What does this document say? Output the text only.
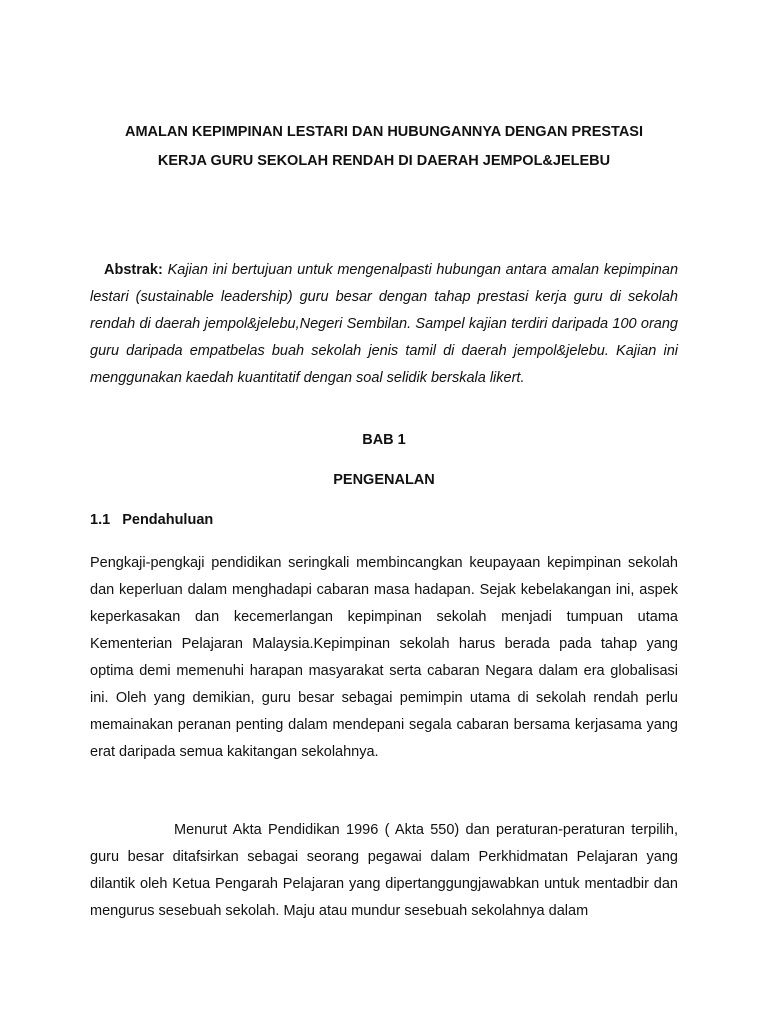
AMALAN KEPIMPINAN LESTARI DAN HUBUNGANNYA DENGAN PRESTASI
KERJA GURU SEKOLAH RENDAH DI DAERAH JEMPOL&JELEBU
Abstrak: Kajian ini bertujuan untuk mengenalpasti hubungan antara amalan kepimpinan lestari (sustainable leadership) guru besar dengan tahap prestasi kerja guru di sekolah rendah di daerah jempol&jelebu,Negeri Sembilan. Sampel kajian terdiri daripada 100 orang guru daripada empatbelas buah sekolah jenis tamil di daerah jempol&jelebu. Kajian ini menggunakan kaedah kuantitatif dengan soal selidik berskala likert.
BAB 1
PENGENALAN
1.1 Pendahuluan
Pengkaji-pengkaji pendidikan seringkali membincangkan keupayaan kepimpinan sekolah dan keperluan dalam menghadapi cabaran masa hadapan. Sejak kebelakangan ini, aspek keperkasakan dan kecemerlangan kepimpinan sekolah menjadi tumpuan utama Kementerian Pelajaran Malaysia.Kepimpinan sekolah harus berada pada tahap yang optima demi memenuhi harapan masyarakat serta cabaran Negara dalam era globalisasi ini. Oleh yang demikian, guru besar sebagai pemimpin utama di sekolah rendah perlu memainakan peranan penting dalam mendepani segala cabaran bersama kerjasama yang erat daripada semua kakitangan sekolahnya.
Menurut Akta Pendidikan 1996 ( Akta 550) dan peraturan-peraturan terpilih, guru besar ditafsirkan sebagai seorang pegawai dalam Perkhidmatan Pelajaran yang dilantik oleh Ketua Pengarah Pelajaran yang dipertanggungjawabkan untuk mentadbir dan mengurus sesebuah sekolah. Maju atau mundur sesebuah sekolahnya dalam
